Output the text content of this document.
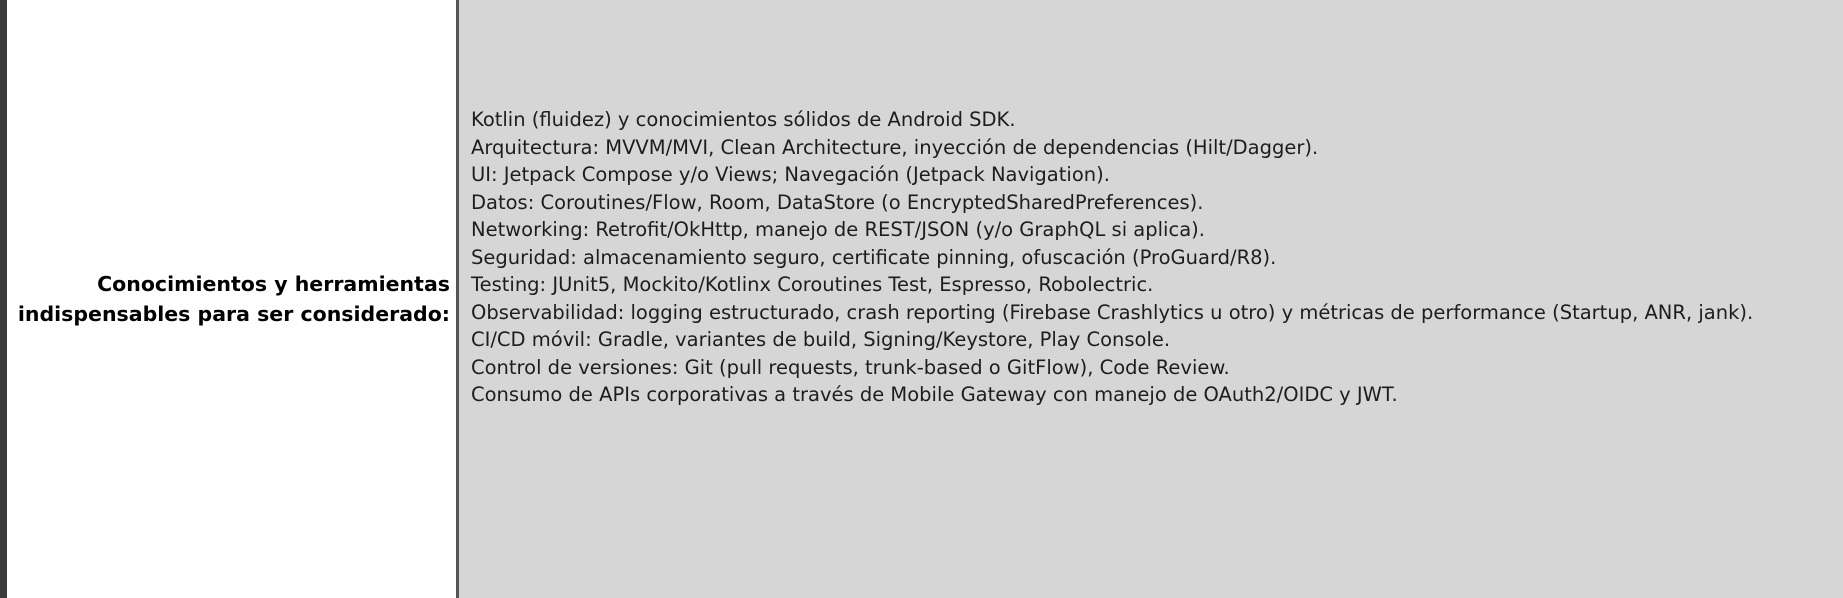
Conocimientos y herramientas indispensables para ser considerado:
Kotlin (fluidez) y conocimientos sólidos de Android SDK.
Arquitectura: MVVM/MVI, Clean Architecture, inyección de dependencias (Hilt/Dagger).
UI: Jetpack Compose y/o Views; Navegación (Jetpack Navigation).
Datos: Coroutines/Flow, Room, DataStore (o EncryptedSharedPreferences).
Networking: Retrofit/OkHttp, manejo de REST/JSON (y/o GraphQL si aplica).
Seguridad: almacenamiento seguro, certificate pinning, ofuscación (ProGuard/R8).
Testing: JUnit5, Mockito/Kotlinx Coroutines Test, Espresso, Robolectric.
Observabilidad: logging estructurado, crash reporting (Firebase Crashlytics u otro) y métricas de performance (Startup, ANR, jank).
CI/CD móvil: Gradle, variantes de build, Signing/Keystore, Play Console.
Control de versiones: Git (pull requests, trunk-based o GitFlow), Code Review.
Consumo de APIs corporativas a través de Mobile Gateway con manejo de OAuth2/OIDC y JWT.
